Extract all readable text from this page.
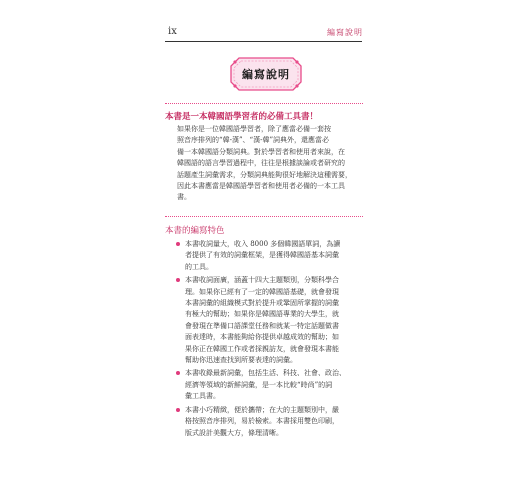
ix	編寫說明
編寫說明
本書是一本韓國語學習者的必備工具書！
如果你是一位韓國語學習者，除了應當必備一套按
照音序排列的“韓-漢”、“漢-韓”詞典外，還應當必
備一本韓國語分類詞典。對於學習者和使用者來說，在
韓國語的語言學習過程中，往往是根據談論或者研究的
話題產生詞彙需求，分類詞典能夠很好地解決這種需要，
因此本書應當是韓國語學習者和使用者必備的一本工具
書。
本書的編寫特色
本書收詞量大，收入 8000 多個韓國語單詞，為讀
者提供了有效的詞彙框架，是獲得韓國語基本詞彙
的工具。
本書收詞面廣，涵蓋十四大主題類別，分類科學合
理。如果你已經有了一定的韓國語基礎，就會發現
本書詞彙的組織模式對於提升或鞏固所掌握的詞彙
有極大的幫助；如果你是韓國語專業的大學生，就
會發現在準備口語課堂任務和就某一特定話題做書
面表達時，本書能夠給你提供卓越成效的幫助；如
果你正在韓國工作或者採親訪友，就會發現本書能
幫助你迅速查找到所要表達的詞彙。
本書收錄最新詞彙，包括生活、科技、社會、政治、
經濟等領域的新鮮詞彙，是一本比較“時尚”的詞
彙工具書。
本書小巧精緻，便於攜帶；在大的主題類別中，嚴
格按照音序排列，易於檢索。本書採用雙色印刷，
版式設計美觀大方，條理清晰。
